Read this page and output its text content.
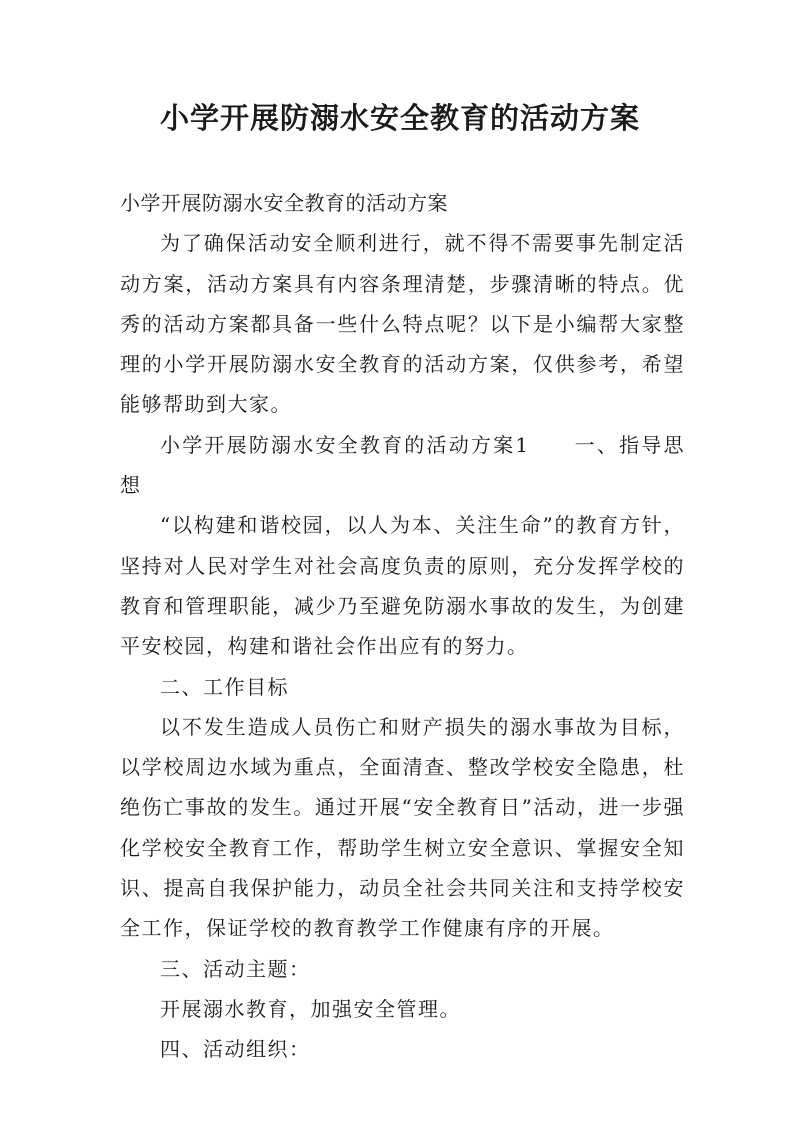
小学开展防溺水安全教育的活动方案

小学开展防溺水安全教育的活动方案

为了确保活动安全顺利进行，就不得不需要事先制定活动方案，活动方案具有内容条理清楚，步骤清晰的特点。优秀的活动方案都具备一些什么特点呢？以下是小编帮大家整理的小学开展防溺水安全教育的活动方案，仅供参考，希望能够帮助到大家。

小学开展防溺水安全教育的活动方案1　　一、指导思想

“以构建和谐校园，以人为本、关注生命”的教育方针，坚持对人民对学生对社会高度负责的原则，充分发挥学校的教育和管理职能，减少乃至避免防溺水事故的发生，为创建平安校园，构建和谐社会作出应有的努力。

二、工作目标

以不发生造成人员伤亡和财产损失的溺水事故为目标，以学校周边水域为重点，全面清查、整改学校安全隐患，杜绝伤亡事故的发生。通过开展“安全教育日”活动，进一步强化学校安全教育工作，帮助学生树立安全意识、掌握安全知识、提高自我保护能力，动员全社会共同关注和支持学校安全工作，保证学校的教育教学工作健康有序的开展。

三、活动主题：

开展溺水教育，加强安全管理。

四、活动组织：
